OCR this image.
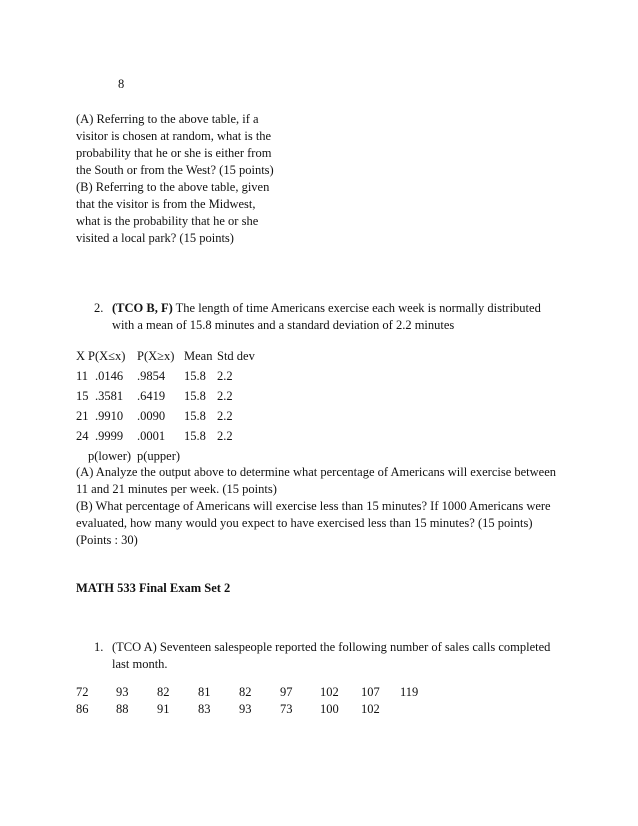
8

(A) Referring to the above table, if a visitor is chosen at random, what is the probability that he or she is either from the South or from the West? (15 points)

(B) Referring to the above table, given that the visitor is from the Midwest, what is the probability that he or she visited a local park? (15 points)

2. (TCO B, F) The length of time Americans exercise each week is normally distributed with a mean of 15.8 minutes and a standard deviation of 2.2 minutes
X P(X≤x) P(X≥x) Mean Std dev
11 .0146 .9854 15.8 2.2
15 .3581 .6419 15.8 2.2
21 .9910 .0090 15.8 2.2
24 .9999 .0001 15.8 2.2
p(lower) p(upper)

(A) Analyze the output above to determine what percentage of Americans will exercise between 11 and 21 minutes per week. (15 points)

(B) What percentage of Americans will exercise less than 15 minutes? If 1000 Americans were evaluated, how many would you expect to have exercised less than 15 minutes? (15 points) (Points : 30)

MATH 533 Final Exam Set 2
1. (TCO A) Seventeen salespeople reported the following number of sales calls completed last month.
72 93 82 81 82 97 102 107 119
86 88 91 83 93 73 100 102
